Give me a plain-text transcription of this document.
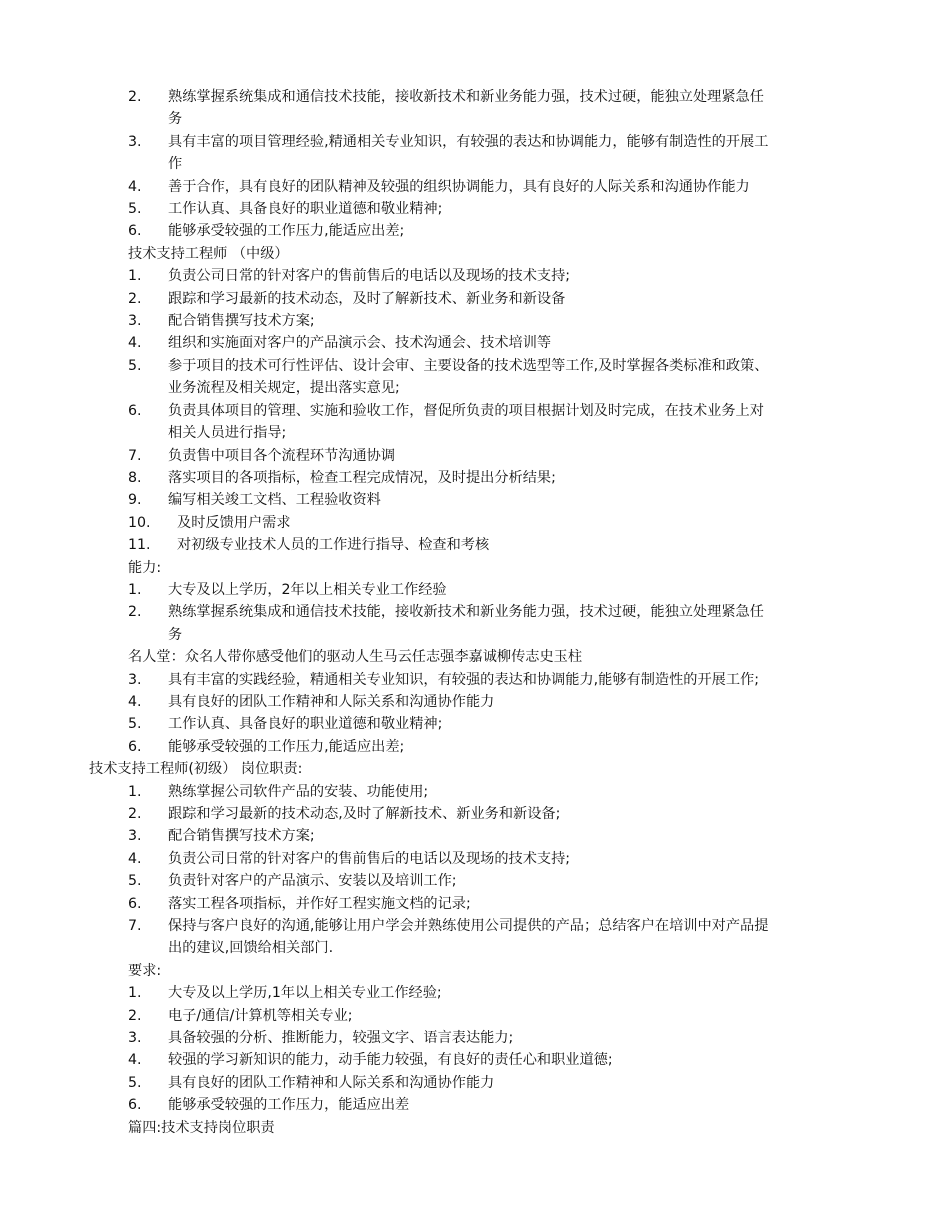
2.	熟练掌握系统集成和通信技术技能，接收新技术和新业务能力强，技术过硬，能独立处理紧急任
务
3.	具有丰富的项目管理经验,精通相关专业知识，有较强的表达和协调能力，能够有制造性的开展工
作
4.	善于合作，具有良好的团队精神及较强的组织协调能力，具有良好的人际关系和沟通协作能力
5.	工作认真、具备良好的职业道德和敬业精神;
6.	能够承受较强的工作压力,能适应出差;
技术支持工程师 （中级）
1.	负责公司日常的针对客户的售前售后的电话以及现场的技术支持;
2.	跟踪和学习最新的技术动态，及时了解新技术、新业务和新设备
3.	配合销售撰写技术方案;
4.	组织和实施面对客户的产品演示会、技术沟通会、技术培训等
5.	参于项目的技术可行性评估、设计会审、主要设备的技术选型等工作,及时掌握各类标准和政策、
业务流程及相关规定，提出落实意见;
6.	负责具体项目的管理、实施和验收工作，督促所负责的项目根据计划及时完成，在技术业务上对
相关人员进行指导;
7.	负责售中项目各个流程环节沟通协调
8.	落实项目的各项指标，检查工程完成情况，及时提出分析结果;
9.	编写相关竣工文档、工程验收资料
10.	及时反馈用户需求
11.	对初级专业技术人员的工作进行指导、检查和考核
能力:
1.	大专及以上学历，2年以上相关专业工作经验
2.	熟练掌握系统集成和通信技术技能，接收新技术和新业务能力强，技术过硬，能独立处理紧急任
务
名人堂：众名人带你感受他们的驱动人生马云任志强李嘉诚柳传志史玉柱
3.	具有丰富的实践经验，精通相关专业知识，有较强的表达和协调能力,能够有制造性的开展工作;
4.	具有良好的团队工作精神和人际关系和沟通协作能力
5.	工作认真、具备良好的职业道德和敬业精神;
6.	能够承受较强的工作压力,能适应出差;
技术支持工程师(初级） 岗位职责:
1.	熟练掌握公司软件产品的安装、功能使用;
2.	跟踪和学习最新的技术动态,及时了解新技术、新业务和新设备;
3.	配合销售撰写技术方案;
4.	负责公司日常的针对客户的售前售后的电话以及现场的技术支持;
5.	负责针对客户的产品演示、安装以及培训工作;
6.	落实工程各项指标，并作好工程实施文档的记录;
7.	保持与客户良好的沟通,能够让用户学会并熟练使用公司提供的产品；总结客户在培训中对产品提
出的建议,回馈给相关部门.
要求:
1.	大专及以上学历,1年以上相关专业工作经验;
2.	电子/通信/计算机等相关专业;
3.	具备较强的分析、推断能力，较强文字、语言表达能力;
4.	较强的学习新知识的能力，动手能力较强，有良好的责任心和职业道德;
5.	具有良好的团队工作精神和人际关系和沟通协作能力
6.	能够承受较强的工作压力，能适应出差
篇四:技术支持岗位职责
